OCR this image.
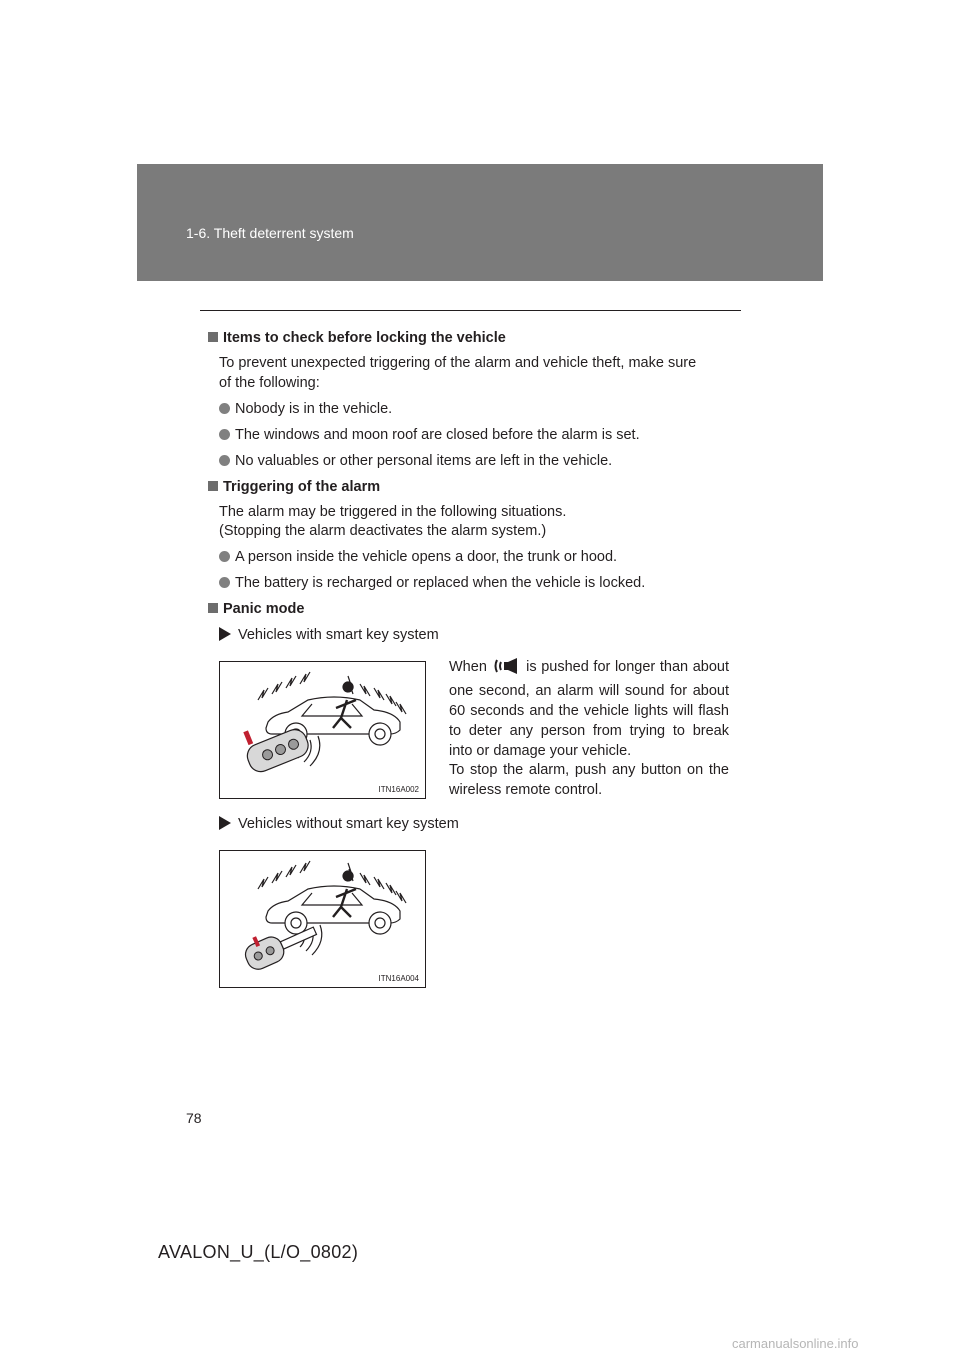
1-6. Theft deterrent system
Items to check before locking the vehicle
To prevent unexpected triggering of the alarm and vehicle theft, make sure
of the following:
Nobody is in the vehicle.
The windows and moon roof are closed before the alarm is set.
No valuables or other personal items are left in the vehicle.
Triggering of the alarm
The alarm may be triggered in the following situations.
(Stopping the alarm deactivates the alarm system.)
A person inside the vehicle opens a door, the trunk or hood.
The battery is recharged or replaced when the vehicle is locked.
Panic mode
Vehicles with smart key system
ITN16A002
When	is pushed for longer than about one second, an alarm will sound for about 60 seconds and the vehicle lights will flash to deter any person from trying to break into or damage your vehicle.
To stop the alarm, push any button on the wireless remote control.
Vehicles without smart key system
ITN16A004
78
AVALON_U_(L/O_0802)
carmanualsonline.info
